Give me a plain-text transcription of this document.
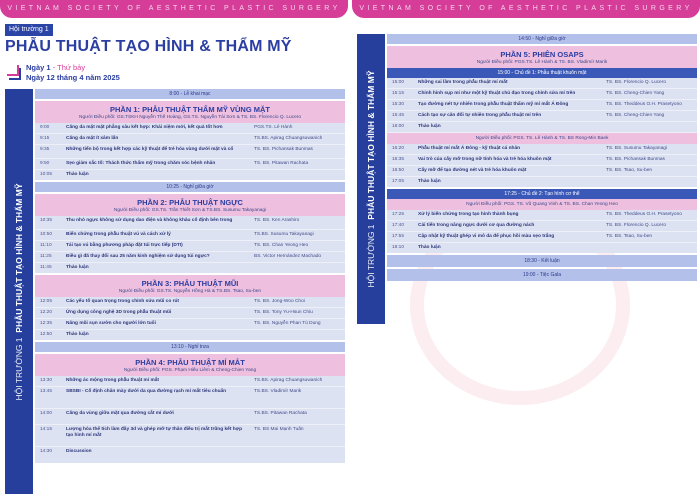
VIETNAM SOCIETY OF AESTHETIC PLASTIC SURGERY
Hội trường 1
PHẪU THUẬT TẠO HÌNH & THẨM MỸ
Ngày 1 - Thứ bảy
Ngày 12 tháng 4 năm 2025
HỘI TRƯỜNG 1  PHẪU THUẬT TẠO HÌNH & THẨM MỸ
8:00 - Lễ khai mạc
PHẦN 1: PHẪU THUẬT THẨM MỸ VÙNG MẶT
Người Điều phối: GS.TSKH Nguyễn Thế Hoàng, GS.TS. Nguyễn Tài Sơn & TS. BS. Florencio Q. Lucero
9:00	Căng da mặt mặt phẳng sâu kết hợp: Khái niệm mới, kết quả tốt hơn	PGS.TS. Lê Hành
9:15	Căng da mặt ít xâm lấn	TS.BS. Apirag Chuangsuwanich
9:35	Những tiến bộ trong kết hợp các kỹ thuật để trẻ hóa vùng dưới mặt và cổ	TS. BS. Pichansak Bunmas
9:50	Sẹo giảm sắc tố: Thách thức thẩm mỹ trong chăm sóc bệnh nhân	TS. BS. Pitawan Rachata
10:05	Thảo luận
10:25 - Nghỉ giữa giờ
PHẦN 2: PHẪU THUẬT NGỰC
Người Điều phối: GS.TS. Trần Thiết Sơn & TS.BS. Susumu Takayanagi
10:35	Thu nhỏ ngực không sử dụng dao điện và không khâu cố định bên trong	TS. BS. Ken Arashiro
10:50	Biến chứng trong phẫu thuật vú và cách xử lý	TS.BS. Susumu Takayanagi
11:10	Tái tạo vú bằng phương pháp đặt túi trực tiếp (DTI)	TS. BS. Chan Yeong Heo
11:25	Điều gì đã thay đổi sau 25 năm kinh nghiệm sử dụng túi ngực?	BS. Victor Hernández Machado
11:45	Thảo luận
PHẦN 3: PHẪU THUẬT MŨI
Người Điều phối: GS.TS. Nguyễn Hồng Hà & TS.BS. Tsao, Su-ben
12:05	Các yếu tố quan trọng trong chỉnh sửa mũi co rút	TS. BS. Jong-Woo Choi
12:20	Ứng dụng công nghệ 3D trong phẫu thuật mũi	TS. BS. Tony Yu-Hsun Chiu
12:35	Nâng mũi sụn sườn cho người lớn tuổi	TS. BS. Nguyễn Phan Tú Dung
12:50	Thảo luận
13:10 - Nghỉ trưa
PHẦN 4: PHẪU THUẬT MÍ MẮT
Người Điều phối: PGS. Phạm Hiếu Liêm & Cheng-Chien Yang
13:30	Những ác mộng trong phẫu thuật mí mắt	TS.BS. Apirag Chuangsuwanich
13:45	SBSBI - Cố định chân mày dưới da qua đường rạch mí mắt tiêu chuẩn	TS.BS. Vladimír Marik
14:00	Căng da vùng giữa mặt qua đường cắt mí dưới	TS.BS. Pitawan Rachata
14:15	Lượng hóa thể tích làm đầy 3d và ghép mỡ tự thân điều trị mắt trũng kết hợp tạo hình mí mắt
TS. BS Mai Mạnh Tuấn
14:30	Discussion
VIETNAM SOCIETY OF AESTHETIC PLASTIC SURGERY
HỘI TRƯỜNG 1  PHẪU THUẬT TẠO HÌNH & THẨM MỸ
14:50 - Nghỉ giữa giờ
PHẦN 5: PHIÊN OSAPS
Người Điều phối: PGS.TS. Lê Hành & TS. BS. Vladimír Marik
15:00 - Chủ đề 1: Phẫu thuật khuôn mặt
15:00	Những sai lầm trong phẫu thuật mí mắt	TS. BS. Florencio Q. Lucero
15:15	Chỉnh hình sụp mí như một kỹ thuật chủ đạo trong chỉnh sửa mí trên	TS. BS. Cheng-Chien Yang
15:30	Tạo đường nét tự nhiên trong phẫu thuật thẩm mỹ mí mắt Á Đông	TS. BS. Theddeus O.H. Prasetyono
15:45	Cách tạo sự cân đối tự nhiên trong phẫu thuật mí trên	TS. BS. Cheng-Chien Yang
16:00	Thảo luận
Người Điều phối: PGS. TS. Lê Hành & TS. BS Rong-Min Baek
16:20	Phẫu thuật mí mắt Á Đông - kỹ thuật cá nhân	TS. BS. Susumu Takayanagi
16:35	Vai trò của cấy mỡ trong nữ tính hóa và trẻ hóa khuôn mặt	TS. BS. Pichansak Bunmas
16:50	Cấy mỡ để tạo đường nét và trẻ hóa khuôn mặt	TS. BS. Tsao, Su-ben
17:05	Thảo luận
17:25 - Chủ đề 2: Tạo hình cơ thể
Người Điều phối: PGS. TS. Vũ Quang Vinh & TS. BS. Chan Yeong Heo
17:25	Xử lý biến chứng trong tạo hình thành bụng	TS. BS. Theddeus O.H. Prasetyono
17:40	Cải tiến trong nâng ngực dưới cơ qua đường nách	TS. BS. Florencio Q. Lucero
17:55	Cập nhật kỹ thuật ghép vi mô da để phục hồi màu sẹo trắng	TS. BS. Tsao, Su-ben
18:10	Thảo luận
18:30 - Kết luận
19:00 - Tiệc Gala
